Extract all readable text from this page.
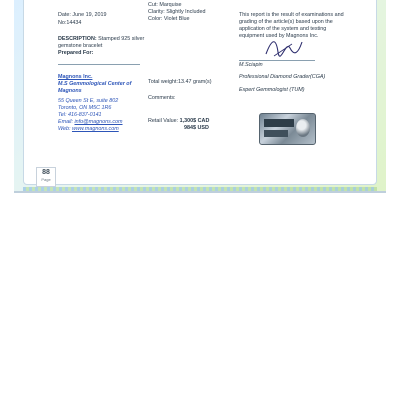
Date: June 19, 2019
No:14434
DESCRIPTION: Stamped 925 silver
gemstone bracelet
Prepared For:
Magnons Inc.
M.S Gemmological Center of
Magnons
55 Queen St E, suite 802
Toronto, ON M5C 1R6
Tel: 416-837-0141
Email: info@magnons.com
Web: www.magnons.com
Cut: Marquise
Clarity: Slightly Included
Color: Violet Blue
Total weight:13.47 gram(s)
Comments:
Retail Value: 1,300$ CAD
984$ USD
This report is the result of examinations and
grading of the article(s) based upon the
application of the system and testing
equipment used by Magnons Inc.
M.Sciapin
Professional Diamond Grader(CGA)
Expert Gemmologist (TUM)
88
Page
